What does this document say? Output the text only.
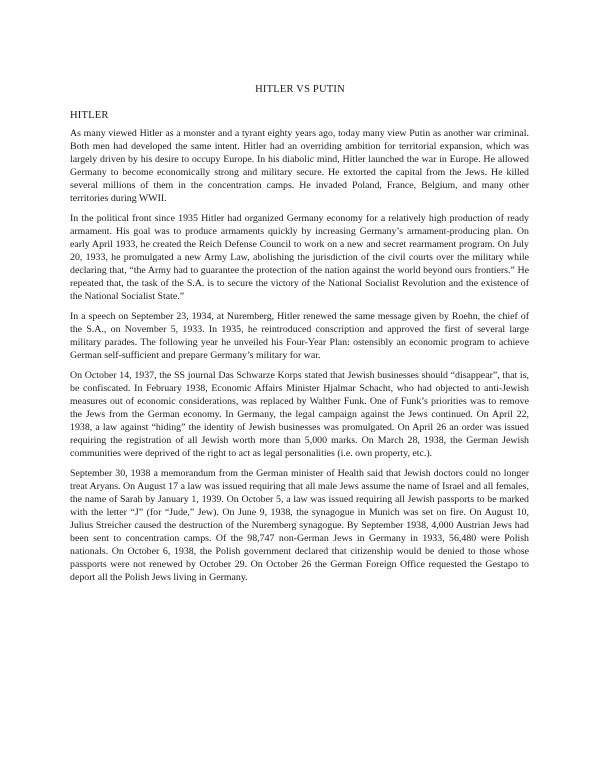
HITLER VS PUTIN
HITLER

As many viewed Hitler as a monster and a tyrant eighty years ago, today many view Putin as another war criminal. Both men had developed the same intent. Hitler had an overriding ambition for territorial expansion, which was largely driven by his desire to occupy Europe. In his diabolic mind, Hitler launched the war in Europe. He allowed Germany to become economically strong and military secure. He extorted the capital from the Jews. He killed several millions of them in the concentration camps. He invaded Poland, France, Belgium, and many other territories during WWII.

In the political front since 1935 Hitler had organized Germany economy for a relatively high production of ready armament. His goal was to produce armaments quickly by increasing Germany’s armament-producing plan. On early April 1933, he created the Reich Defense Council to work on a new and secret rearmament program. On July 20, 1933, he promulgated a new Army Law, abolishing the jurisdiction of the civil courts over the military while declaring that, “the Army had to guarantee the protection of the nation against the world beyond ours frontiers.” He repeated that, the task of the S.A. is to secure the victory of the National Socialist Revolution and the existence of the National Socialist State.”

In a speech on September 23, 1934, at Nuremberg, Hitler renewed the same message given by Roehn, the chief of the S.A., on November 5, 1933. In 1935, he reintroduced conscription and approved the first of several large military parades. The following year he unveiled his Four-Year Plan: ostensibly an economic program to achieve German self-sufficient and prepare Germany’s military for war.

On October 14, 1937, the SS journal Das Schwarze Korps stated that Jewish businesses should “disappear”, that is, be confiscated. In February 1938, Economic Affairs Minister Hjalmar Schacht, who had objected to anti-Jewish measures out of economic considerations, was replaced by Walther Funk. One of Funk’s priorities was to remove the Jews from the German economy. In Germany, the legal campaign against the Jews continued. On April 22, 1938, a law against “hiding” the identity of Jewish businesses was promulgated. On April 26 an order was issued requiring the registration of all Jewish worth more than 5,000 marks. On March 28, 1938, the German Jewish communities were deprived of the right to act as legal personalities (i.e. own property, etc.).

September 30, 1938 a memorandum from the German minister of Health said that Jewish doctors could no longer treat Aryans. On August 17 a law was issued requiring that all male Jews assume the name of Israel and all females, the name of Sarah by January 1, 1939. On October 5, a law was issued requiring all Jewish passports to be marked with the letter “J” (for “Jude,” Jew). On June 9, 1938, the synagogue in Munich was set on fire. On August 10, Julius Streicher caused the destruction of the Nuremberg synagogue. By September 1938, 4,000 Austrian Jews had been sent to concentration camps. Of the 98,747 non-German Jews in Germany in 1933, 56,480 were Polish nationals. On October 6, 1938, the Polish government declared that citizenship would be denied to those whose passports were not renewed by October 29. On October 26 the German Foreign Office requested the Gestapo to deport all the Polish Jews living in Germany.
